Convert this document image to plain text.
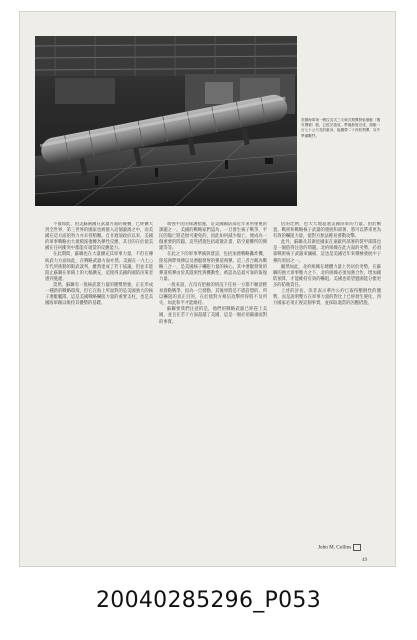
美國海軍第一艘拉芙式三叉戟式飛彈發射潛艇（俄亥俄號）艇，已經完竣成，準備最後完成，潛艇一百七十公尺長的艇身，能攜帶二十四枚飛彈，另外準備戰鬥。

不僅如此，由美蘇兩國在武器方面的競賽，已經擴大到全世界，第三世界的國家也被捲入這個漩渦之中，而美國在這方面的努力亦未曾稍懈。自甘迺迪政府以來，美國的軍事戰略由大規模報復轉為彈性反應，其目的在於使美國在任何衝突中都能有適當的反應能力。

在此期間，蘇聯也在大量擴充其軍事力量，不但在傳統武力方面如此，在戰略武器方面亦然。美國在一九七○年代所推動的限武談判，雖然達成了若干協議，但並未能阻止蘇聯在軍備上的大幅擴充，這使得美國的國防決策者感到憂慮。

當然，蘇聯有一般核武裝力量的優勢增強，正在形成一種新的戰略環境，但它在海上所面對的是美國強大的核子潛艇艦隊，這是美國戰略嚇阻力量的重要支柱，也是美國海軍賴以維持其優勢的基礎。

加強平民的保護措施，是美國國防部近年來所重視的課題之一。美國的戰略家們認為，一旦發生核子戰爭，平民的傷亡將是無可避免的，因此如何減少傷亡，便成為一個重要的問題。這些措施包括疏散計畫、防空避難所的興建等等。

在此之下的軍事準備與建設，包括加強戰略轟炸機、陸基洲際飛彈以及潛艇發射的彈道飛彈。這三者合稱為戰略三合一，是美國核子嚇阻力量的核心。其中潛艇發射的彈道飛彈由於其隱密性與機動性，被認為是最可靠的報復力量。

一般來說，在沒有把握的情況下任何一方都不願意輕易發動戰爭，因為一旦發動，其後果將是不堪設想的。所以嚇阻的真正目的，在於使對方相信攻擊所得將不及所失，如此和平才能維持。

蘇聯要我們注意的是，他們的戰略武器已經趕上美國，並且在若干方面超越了美國，這是一個必須嚴肅面對的事實。

估的比例，也大大地超過美國陸軍的力量。由於敷置，戰術和戰略核子武器的發展和部署，將可以帶來更為有效的嚇阻力量，使對方無法輕易發動攻擊。

此外，蘇聯及其衛星國家在東歐所部署的裝甲部隊也是一個值得注意的問題。北約組織在此方面的劣勢，必須靠戰術核子武器來彌補，這也是美國近年來積極發展中子彈的原因之一。

顯然如此，北約組織在總體力量上仍居於劣勢，在蘇聯的強大軍事壓力之下，北約組織必須加強合作，增加國防預算，才能維持有效的嚇阻。美國也希望盟國能分擔更多的防衛責任。

上述的評估，決非表示華沙公約已取得壓倒性的優勢，而是說明雙方在軍事力量的對比上已經發生變化，西方國家必須正視這個事實，並採取適當的因應措施。

John M. Collins
49
20040285296_P053
